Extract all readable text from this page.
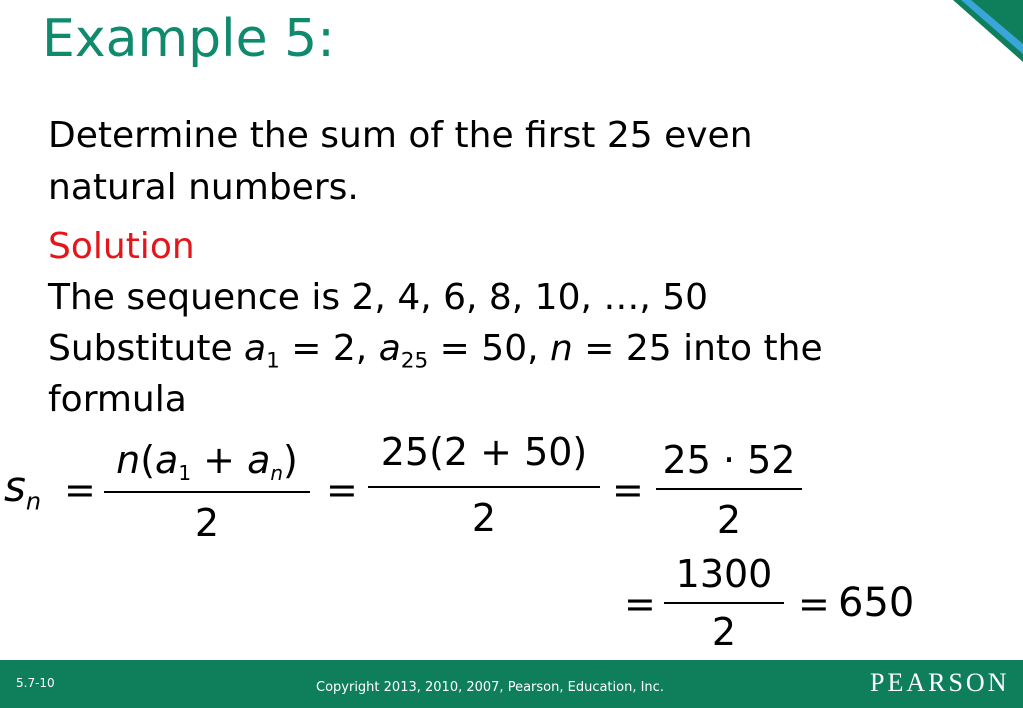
Example 5:
Determine the sum of the first 25 even
natural numbers.
Solution
The sequence is 2, 4, 6, 8, 10, …, 50
Substitute $a_1 = 2$, $a_{25} = 50$, n = 25 into the
formula
$s_n$ =
$n(a_1 + a_n)$
2
=
25(2 + 50)
2
=
25 · 52
2
=
1300
2
= 650
5.7-10	Copyright 2013, 2010, 2007, Pearson, Education, Inc.	PEARSON
